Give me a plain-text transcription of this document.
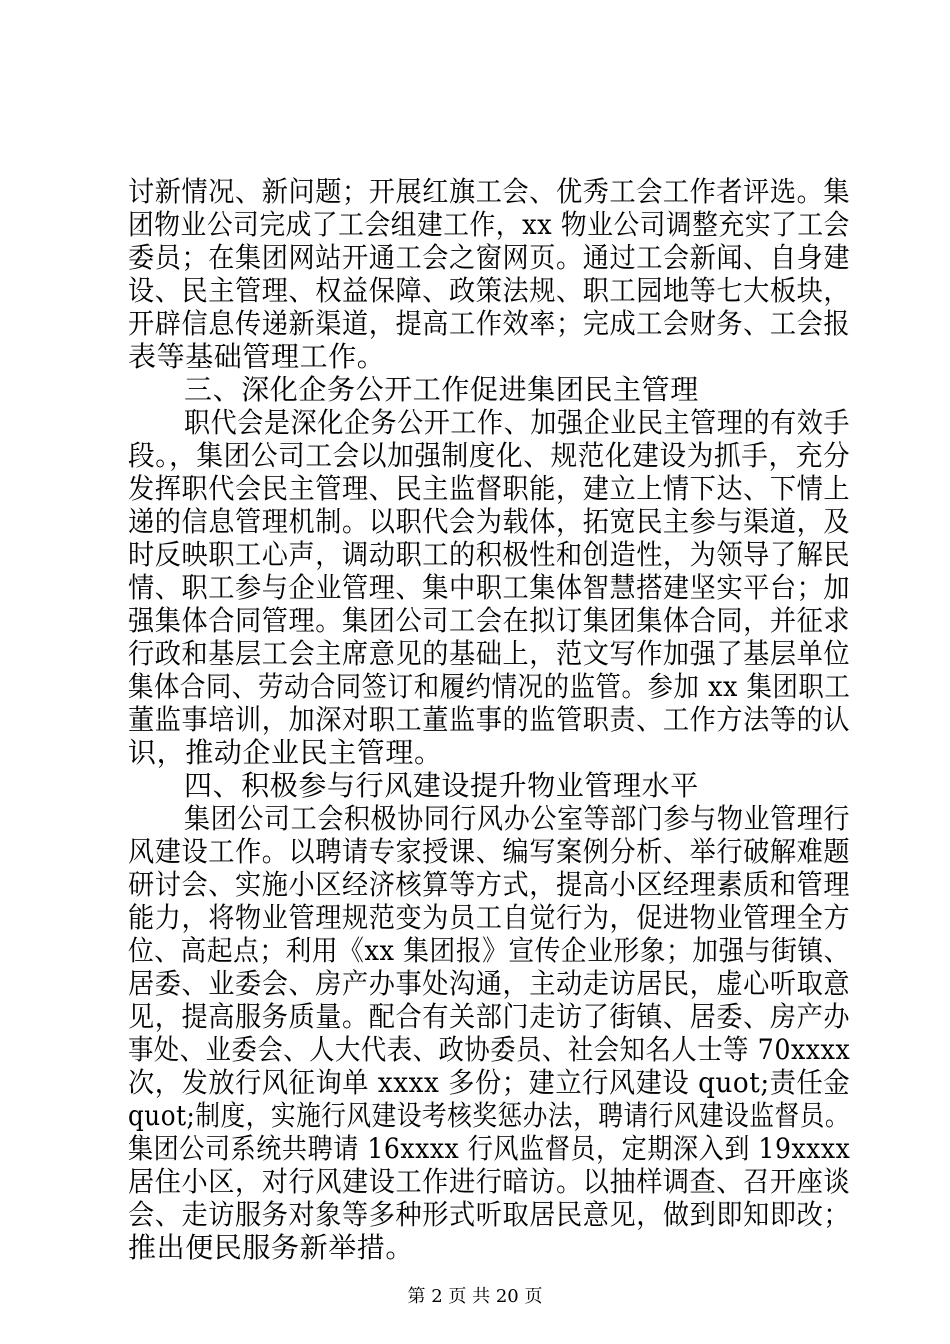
讨新情况、新问题；开展红旗工会、优秀工会工作者评选。集
团物业公司完成了工会组建工作，xx 物业公司调整充实了工会
委员；在集团网站开通工会之窗网页。通过工会新闻、自身建
设、民主管理、权益保障、政策法规、职工园地等七大板块，
开辟信息传递新渠道，提高工作效率；完成工会财务、工会报
表等基础管理工作。
三、深化企务公开工作促进集团民主管理
职代会是深化企务公开工作、加强企业民主管理的有效手
段。，集团公司工会以加强制度化、规范化建设为抓手，充分
发挥职代会民主管理、民主监督职能，建立上情下达、下情上
递的信息管理机制。以职代会为载体，拓宽民主参与渠道，及
时反映职工心声，调动职工的积极性和创造性，为领导了解民
情、职工参与企业管理、集中职工集体智慧搭建坚实平台；加
强集体合同管理。集团公司工会在拟订集团集体合同，并征求
行政和基层工会主席意见的基础上，范文写作加强了基层单位
集体合同、劳动合同签订和履约情况的监管。参加 xx 集团职工
董监事培训，加深对职工董监事的监管职责、工作方法等的认
识，推动企业民主管理。
四、积极参与行风建设提升物业管理水平
集团公司工会积极协同行风办公室等部门参与物业管理行
风建设工作。以聘请专家授课、编写案例分析、举行破解难题
研讨会、实施小区经济核算等方式，提高小区经理素质和管理
能力，将物业管理规范变为员工自觉行为，促进物业管理全方
位、高起点；利用《xx 集团报》宣传企业形象；加强与街镇、
居委、业委会、房产办事处沟通，主动走访居民，虚心听取意
见，提高服务质量。配合有关部门走访了街镇、居委、房产办
事处、业委会、人大代表、政协委员、社会知名人士等 70xxxx
次，发放行风征询单 xxxx 多份；建立行风建设 quot;责任金
quot;制度，实施行风建设考核奖惩办法，聘请行风建设监督员。
集团公司系统共聘请 16xxxx 行风监督员，定期深入到 19xxxx
居住小区，对行风建设工作进行暗访。以抽样调查、召开座谈
会、走访服务对象等多种形式听取居民意见，做到即知即改；
推出便民服务新举措。
第 2 页 共 20 页
